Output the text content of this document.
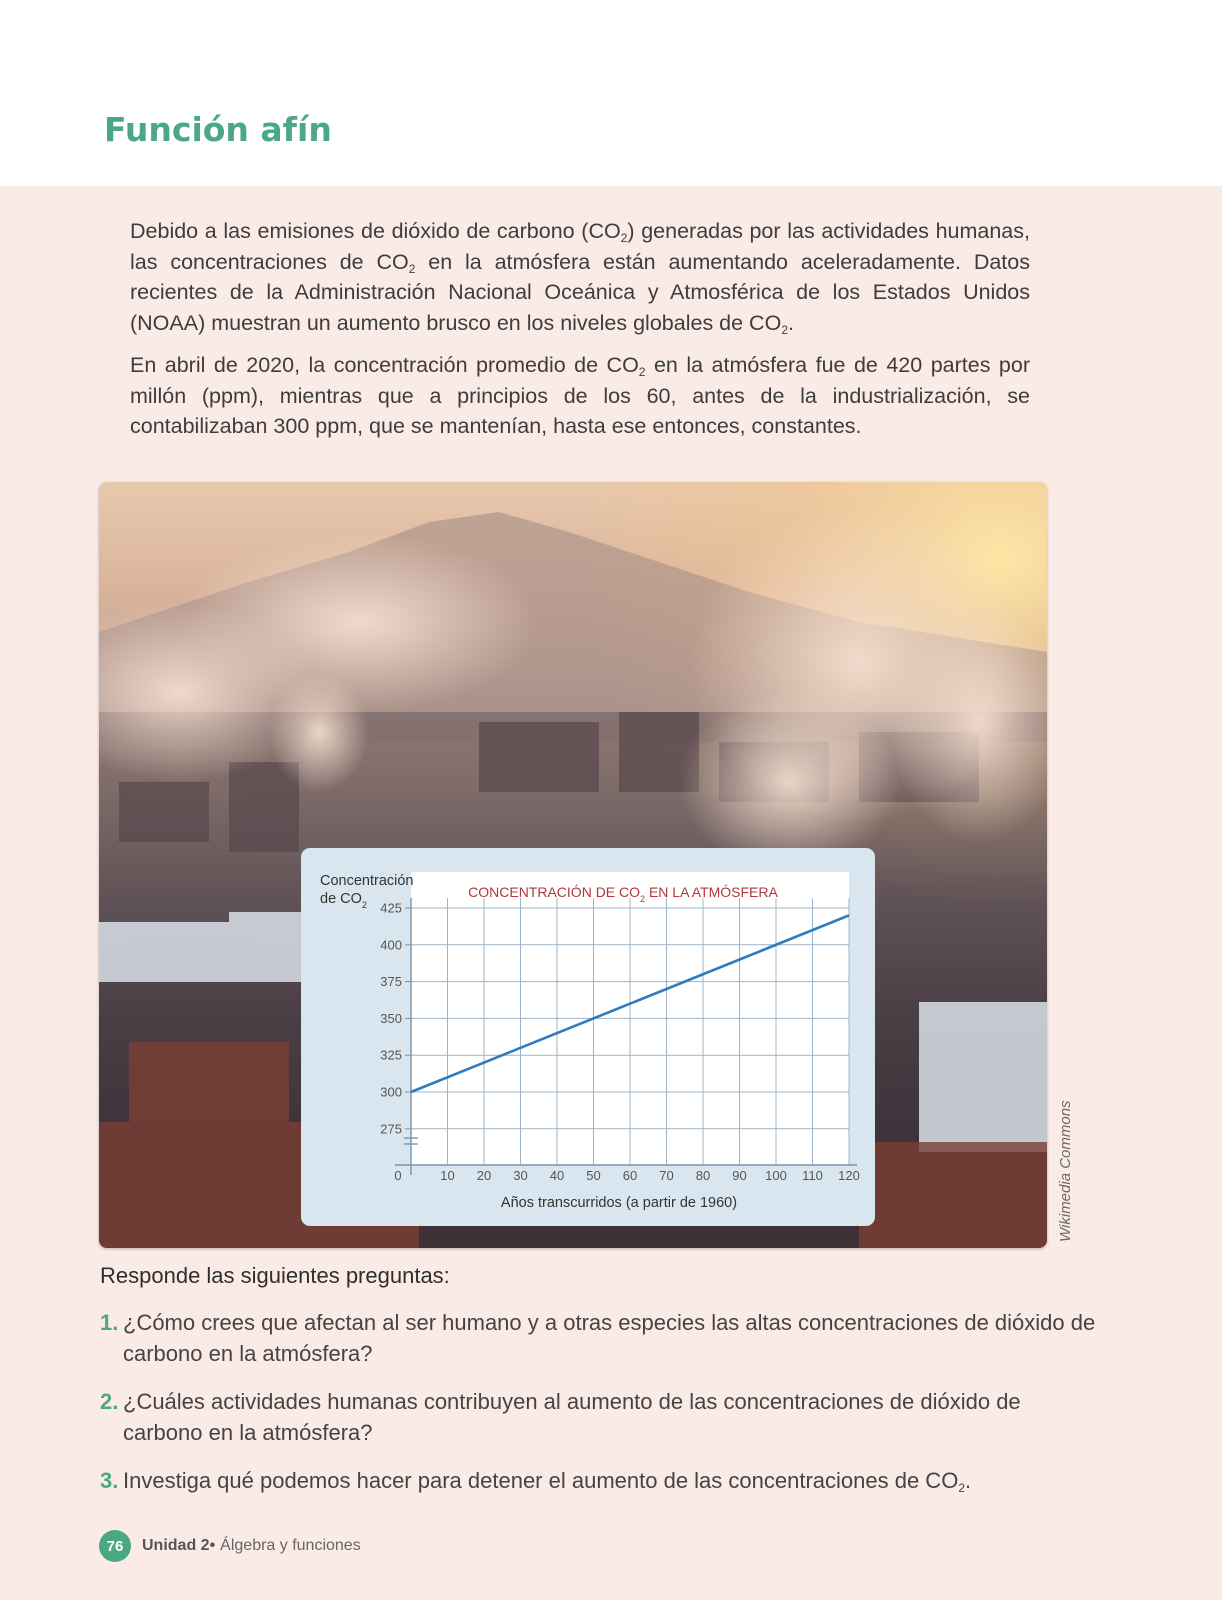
Función afín

Debido a las emisiones de dióxido de carbono $(CO_2)$ generadas por las actividades humanas, las concentraciones de $CO_2$ en la atmósfera están aumentando aceleradamente. Datos recientes de la Administración Nacional Oceánica y Atmosférica de los Estados Unidos (NOAA) muestran un aumento brusco en los niveles globales de $CO_2$.

En abril de 2020, la concentración promedio de $CO_2$ en la atmósfera fue de 420 partes por millón (ppm), mientras que a principios de los 60, antes de la industrialización, se contabilizaban 300 ppm, que se mantenían, hasta ese entonces, constantes.

Wikimedia Commons
10 20 30 40 50 60 70 80 90 100 110 120
275
300
325
350
375
400
425
CONCENTRACIÓN DE $CO_2$ EN LA ATMÓSFERA
Concentración de $CO_2$
Años transcurridos (a partir de 1960)
0
Responde las siguientes preguntas:
1. ¿Cómo crees que afectan al ser humano y a otras especies las altas concentraciones de dióxido de carbono en la atmósfera?
2. ¿Cuáles actividades humanas contribuyen al aumento de las concentraciones de dióxido de carbono en la atmósfera?
3. Investiga qué podemos hacer para detener el aumento de las concentraciones de $CO_2$.
76	Unidad 2• Álgebra y funciones
